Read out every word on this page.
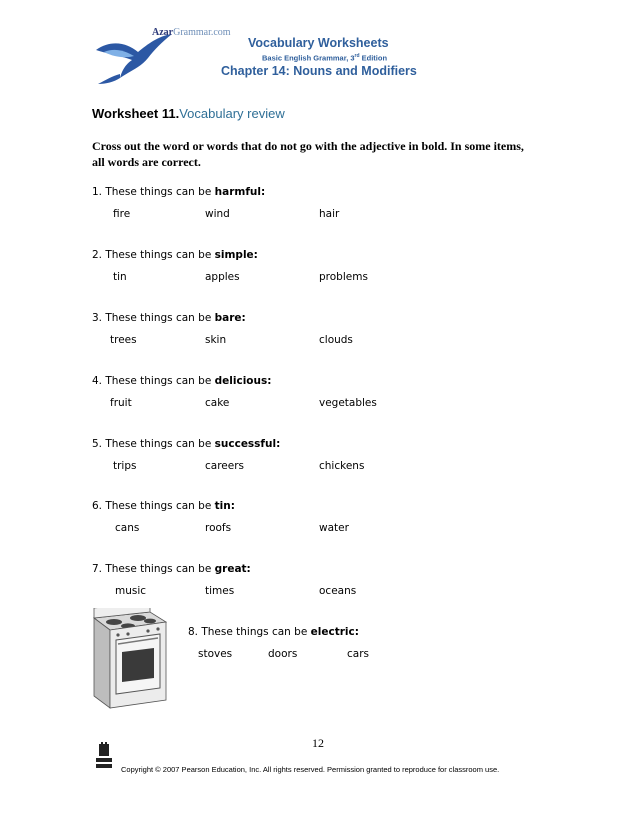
AzarGrammar.com
Vocabulary Worksheets
Basic English Grammar, 3rd Edition
Chapter 14: Nouns and Modifiers
Worksheet 11.Vocabulary review
Cross out the word or words that do not go with the adjective in bold. In some items, all words are correct.
1. These things can be harmful:
fire	wind	hair
2. These things can be simple:
tin	apples	problems
3. These things can be bare:
trees	skin	clouds
4. These things can be delicious:
fruit	cake	vegetables
5. These things can be successful:
trips	careers	chickens
6. These things can be tin:
cans	roofs	water
7. These things can be great:
music	times	oceans
8. These things can be electric:
stoves	doors	cars
12
Copyright © 2007 Pearson Education, Inc. All rights reserved. Permission granted to reproduce for classroom use.
